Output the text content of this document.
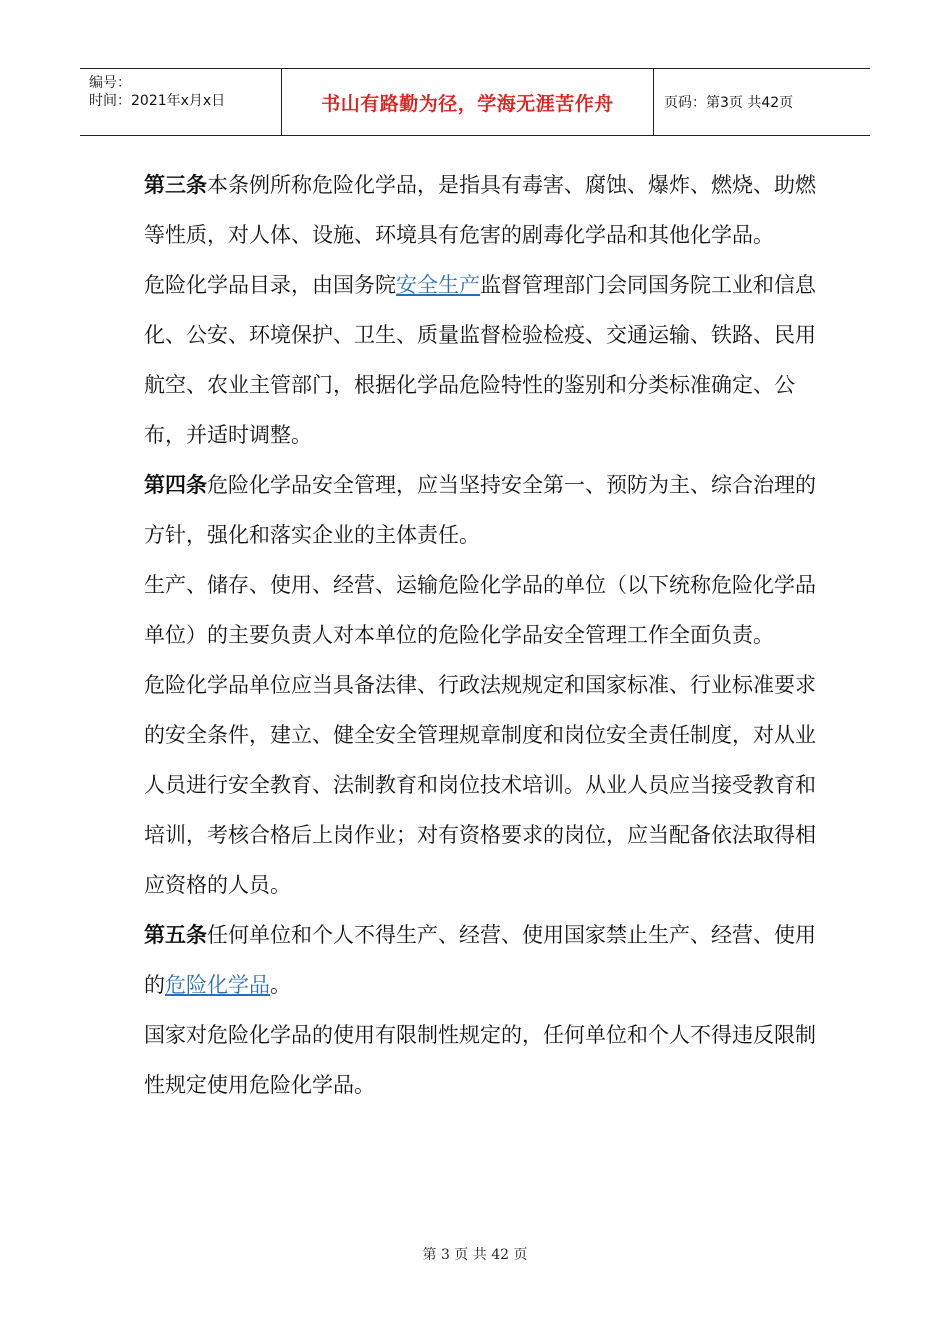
编号：
时间：2021年x月x日	书山有路勤为径，学海无涯苦作舟	页码：第3页 共42页

第三条本条例所称危险化学品，是指具有毒害、腐蚀、爆炸、燃烧、助燃等性质，对人体、设施、环境具有危害的剧毒化学品和其他化学品。

危险化学品目录，由国务院安全生产监督管理部门会同国务院工业和信息化、公安、环境保护、卫生、质量监督检验检疫、交通运输、铁路、民用航空、农业主管部门，根据化学品危险特性的鉴别和分类标准确定、公布，并适时调整。

第四条危险化学品安全管理，应当坚持安全第一、预防为主、综合治理的方针，强化和落实企业的主体责任。

生产、储存、使用、经营、运输危险化学品的单位（以下统称危险化学品单位）的主要负责人对本单位的危险化学品安全管理工作全面负责。

危险化学品单位应当具备法律、行政法规规定和国家标准、行业标准要求的安全条件，建立、健全安全管理规章制度和岗位安全责任制度，对从业人员进行安全教育、法制教育和岗位技术培训。从业人员应当接受教育和培训，考核合格后上岗作业；对有资格要求的岗位，应当配备依法取得相应资格的人员。

第五条任何单位和个人不得生产、经营、使用国家禁止生产、经营、使用的危险化学品。

国家对危险化学品的使用有限制性规定的，任何单位和个人不得违反限制性规定使用危险化学品。

第 3 页 共 42 页
